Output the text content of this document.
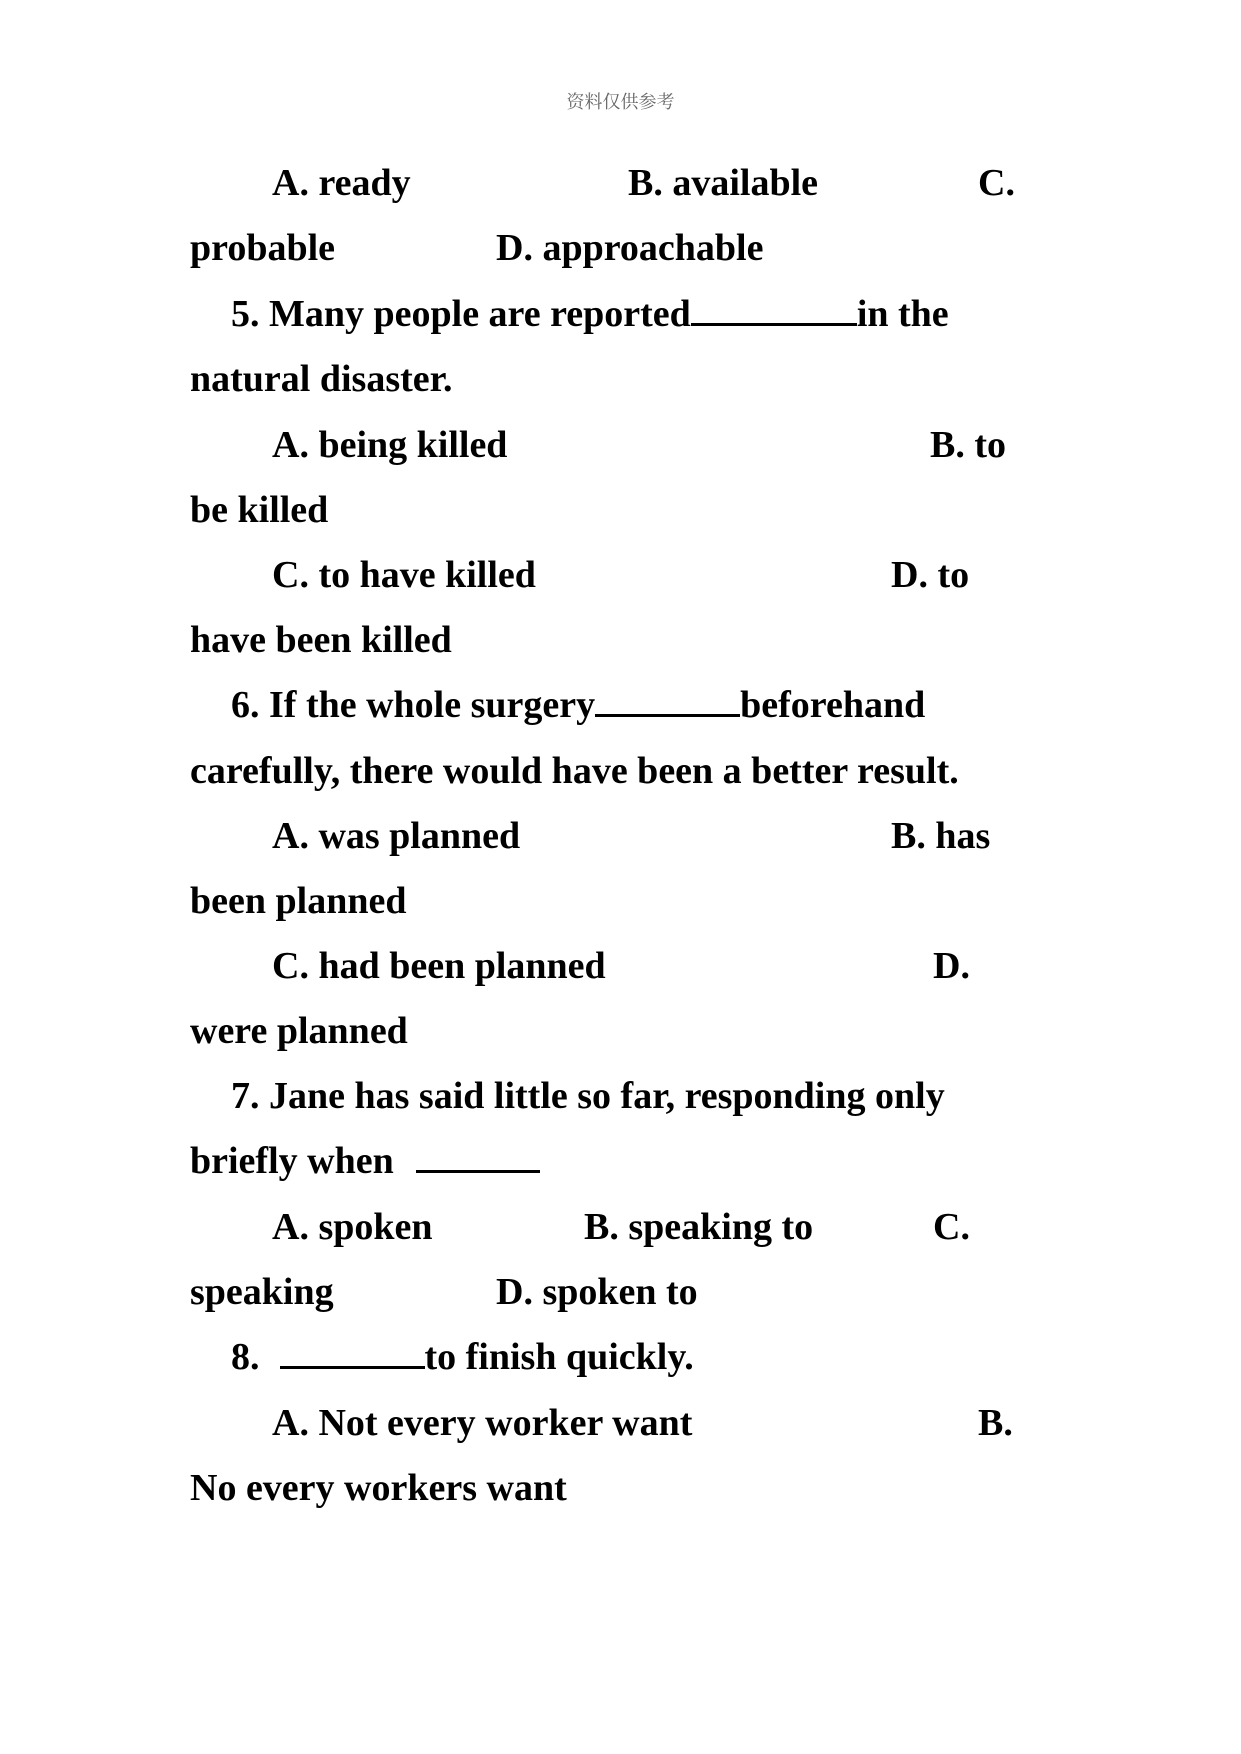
资料仅供参考
A. ready	B. available	C.
probable	D. approachable
5. Many people are reported	in the
natural disaster.
A. being killed	B. to
be killed
C. to have killed	D. to
have been killed
6. If the whole surgery	beforehand
carefully, there would have been a better result.
A. was planned	B. has
been planned
C. had been planned	D.
were planned
7. Jane has said little so far, responding only
briefly when
A. spoken	B. speaking to	C.
speaking	D. spoken to
8.	to finish quickly.
A. Not every worker want	B.
No every workers want
